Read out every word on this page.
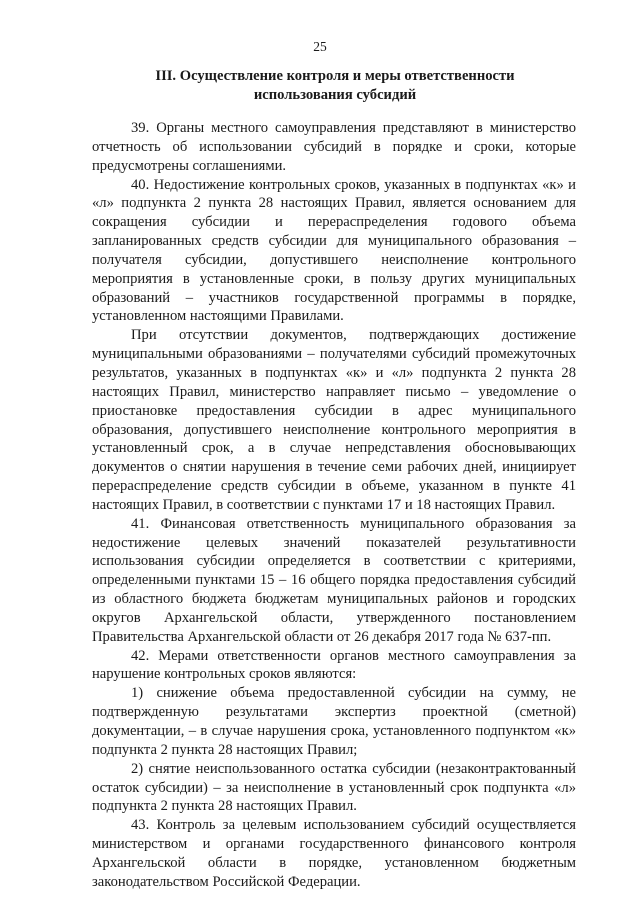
25
III. Осуществление контроля и меры ответственности
использования субсидий

39. Органы местного самоуправления представляют в министерство отчетность об использовании субсидий в порядке и сроки, которые предусмотрены соглашениями.

40. Недостижение контрольных сроков, указанных в подпунктах «к» и «л» подпункта 2 пункта 28 настоящих Правил, является основанием для сокращения субсидии и перераспределения годового объема запланированных средств субсидии для муниципального образования – получателя субсидии, допустившего неисполнение контрольного мероприятия в установленные сроки, в пользу других муниципальных образований – участников государственной программы в порядке, установленном настоящими Правилами.

При отсутствии документов, подтверждающих достижение муниципальными образованиями – получателями субсидий промежуточных результатов, указанных в подпунктах «к» и «л» подпункта 2 пункта 28 настоящих Правил, министерство направляет письмо – уведомление о приостановке предоставления субсидии в адрес муниципального образования, допустившего неисполнение контрольного мероприятия в установленный срок, а в случае непредставления обосновывающих документов о снятии нарушения в течение семи рабочих дней, инициирует перераспределение средств субсидии в объеме, указанном в пункте 41 настоящих Правил, в соответствии с пунктами 17 и 18 настоящих Правил.

41. Финансовая ответственность муниципального образования за недостижение целевых значений показателей результативности использования субсидии определяется в соответствии с критериями, определенными пунктами 15 – 16 общего порядка предоставления субсидий из областного бюджета бюджетам муниципальных районов и городских округов Архангельской области, утвержденного постановлением Правительства Архангельской области от 26 декабря 2017 года № 637-пп.

42. Мерами ответственности органов местного самоуправления за нарушение контрольных сроков являются:

1) снижение объема предоставленной субсидии на сумму, не подтвержденную результатами экспертиз проектной (сметной) документации, – в случае нарушения срока, установленного подпунктом «к» подпункта 2 пункта 28 настоящих Правил;

2) снятие неиспользованного остатка субсидии (незаконтрактованный остаток субсидии) – за неисполнение в установленный срок подпункта «л» подпункта 2 пункта 28 настоящих Правил.

43. Контроль за целевым использованием субсидий осуществляется министерством и органами государственного финансового контроля Архангельской области в порядке, установленном бюджетным законодательством Российской Федерации.
